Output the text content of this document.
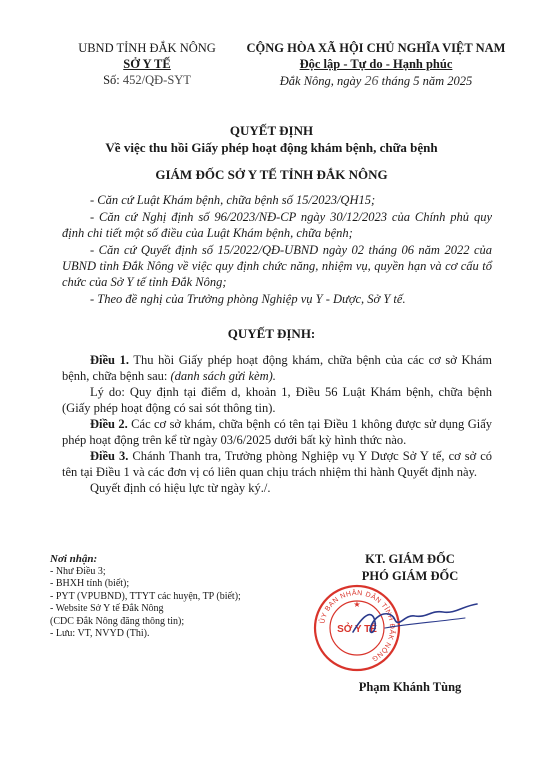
UBND TỈNH ĐẮK NÔNG
SỞ Y TẾ
Số: 452/QĐ-SYT
CỘNG HÒA XÃ HỘI CHỦ NGHĨA VIỆT NAM
Độc lập - Tự do - Hạnh phúc
Đắk Nông, ngày 26 tháng 5 năm 2025
QUYẾT ĐỊNH
Về việc thu hồi Giấy phép hoạt động khám bệnh, chữa bệnh
GIÁM ĐỐC SỞ Y TẾ TỈNH ĐẮK NÔNG

- Căn cứ Luật Khám bệnh, chữa bệnh số 15/2023/QH15;

- Căn cứ Nghị định số 96/2023/NĐ-CP ngày 30/12/2023 của Chính phủ quy định chi tiết một số điều của Luật Khám bệnh, chữa bệnh;

- Căn cứ Quyết định số 15/2022/QĐ-UBND ngày 02 tháng 06 năm 2022 của UBND tỉnh Đắk Nông về việc quy định chức năng, nhiệm vụ, quyền hạn và cơ cấu tổ chức của Sở Y tế tỉnh Đắk Nông;

- Theo đề nghị của Trưởng phòng Nghiệp vụ Y - Dược, Sở Y tế.

QUYẾT ĐỊNH:

Điều 1. Thu hồi Giấy phép hoạt động khám, chữa bệnh của các cơ sở Khám bệnh, chữa bệnh sau: (danh sách gửi kèm).

Lý do: Quy định tại điểm d, khoản 1, Điều 56 Luật Khám bệnh, chữa bệnh (Giấy phép hoạt động có sai sót thông tin).

Điều 2. Các cơ sở khám, chữa bệnh có tên tại Điều 1 không được sử dụng Giấy phép hoạt động trên kể từ ngày 03/6/2025 dưới bất kỳ hình thức nào.

Điều 3. Chánh Thanh tra, Trưởng phòng Nghiệp vụ Y Dược Sở Y tế, cơ sở có tên tại Điều 1 và các đơn vị có liên quan chịu trách nhiệm thi hành Quyết định này.

Quyết định có hiệu lực từ ngày ký./.

Nơi nhận:
- Như Điều 3;
- BHXH tỉnh (biết);
- PYT (VPUBND), TTYT các huyện, TP (biết);
- Website Sở Y tế Đắk Nông
(CDC Đắk Nông đăng thông tin);
- Lưu: VT, NVYD (Thi).
KT. GIÁM ĐỐC
PHÓ GIÁM ĐỐC
ỦY BAN NHÂN DÂN TỈNH ĐẮK NÔNG
SỞ Y TẾ
★
Phạm Khánh Tùng
